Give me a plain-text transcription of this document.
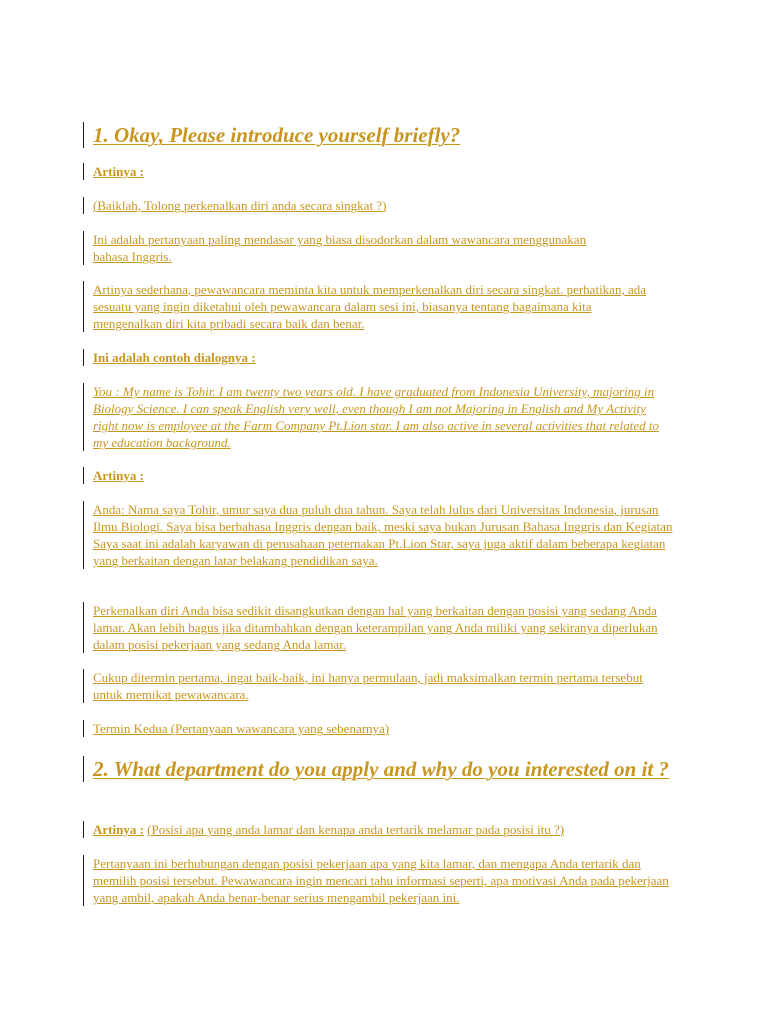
1. Okay, Please introduce yourself briefly?
Artinya :
(Baiklah, Tolong perkenalkan diri anda secara singkat ?)
Ini adalah pertanyaan paling mendasar yang biasa disodorkan dalam wawancara menggunakan bahasa Inggris.
Artinya sederhana, pewawancara meminta kita untuk memperkenalkan diri secara singkat. perhatikan, ada sesuatu yang ingin diketahui oleh pewawancara dalam sesi ini, biasanya tentang bagaimana kita mengenalkan diri kita pribadi secara baik dan benar.
Ini adalah contoh dialognya :
You : My name is Tohir. I am twenty two years old. I have graduated from Indonesia University, majoring in Biology Science. I can speak English very well, even though I am not Majoring in English and My Activity right now is employee at the Farm Company Pt.Lion star. I am also active in several activities that related to my education background.
Artinya :
Anda: Nama saya Tohir, umur saya dua puluh dua tahun. Saya telah lulus dari Universitas Indonesia, jurusan Ilmu Biologi. Saya bisa berbahasa Inggris dengan baik, meski saya bukan Jurusan Bahasa Inggris dan Kegiatan Saya saat ini adalah karyawan di perusahaan peternakan Pt.Lion Star, saya juga aktif dalam beberapa kegiatan yang berkaitan dengan latar belakang pendidikan saya.
Perkenalkan diri Anda bisa sedikit disangkutkan dengan hal yang berkaitan dengan posisi yang sedang Anda lamar. Akan lebih bagus jika ditambahkan dengan keterampilan yang Anda miliki yang sekiranya diperlukan dalam posisi pekerjaan yang sedang Anda lamar.
Cukup ditermin pertama, ingat baik-baik, ini hanya permulaan, jadi maksimalkan termin pertama tersebut untuk memikat pewawancara.
Termin Kedua (Pertanyaan wawancara yang sebenarnya)
2. What department do you apply and why do you interested on it ?
Artinya : (Posisi apa yang anda lamar dan kenapa anda tertarik melamar pada posisi itu ?)
Pertanyaan ini berhubungan dengan posisi pekerjaan apa yang kita lamar, dan mengapa Anda tertarik dan memilih posisi tersebut. Pewawancara ingin mencari tahu informasi seperti, apa motivasi Anda pada pekerjaan yang ambil, apakah Anda benar-benar serius mengambil pekerjaan ini.
